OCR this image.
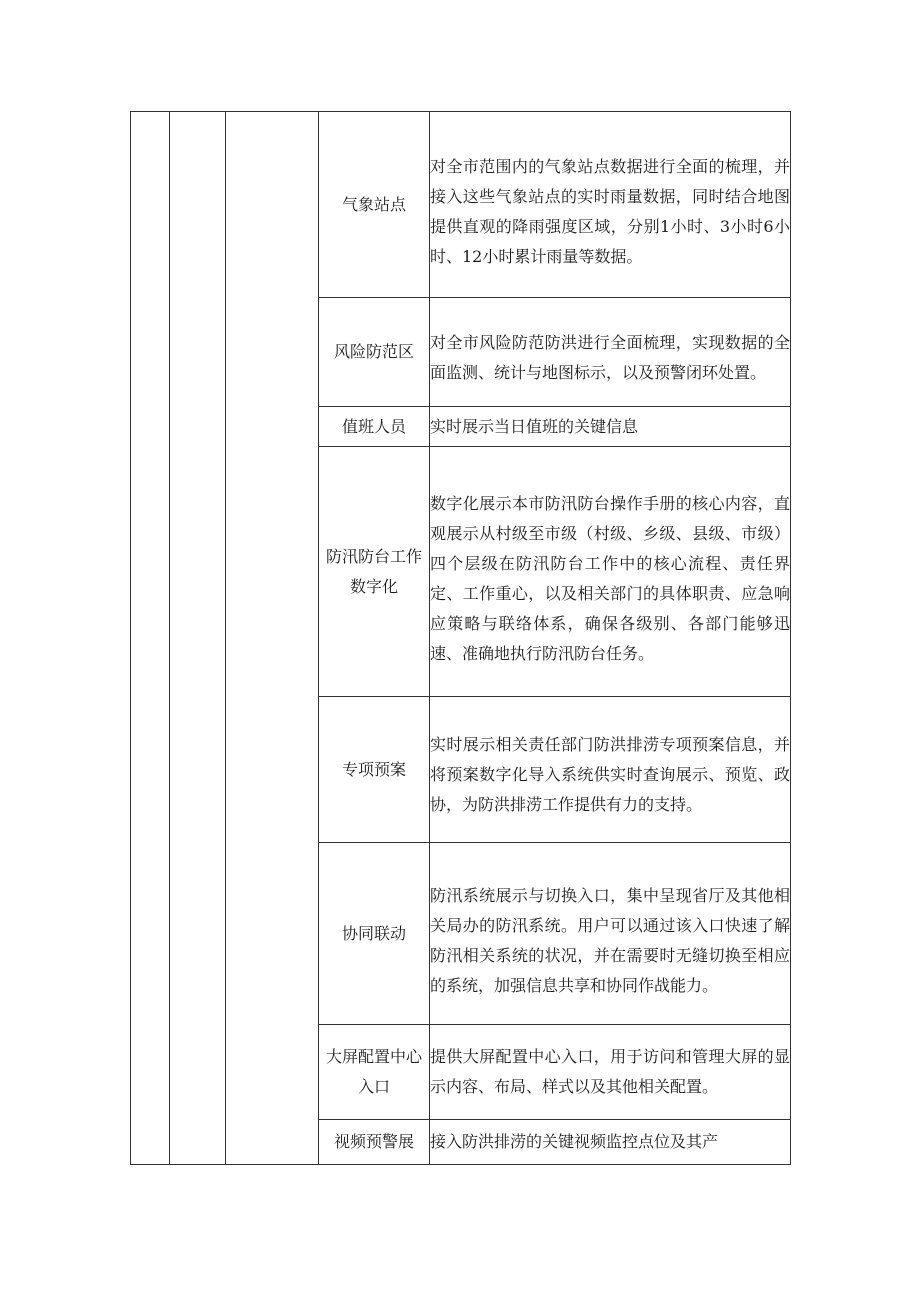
			气象站点	对全市范围内的气象站点数据进行全面的梳理，并接入这些气象站点的实时雨量数据，同时结合地图提供直观的降雨强度区域，分别1小时、3小时6小时、12小时累计雨量等数据。

			风险防范区	对全市风险防范防洪进行全面梳理，实现数据的全面监测、统计与地图标示，以及预警闭环处置。

			值班人员	实时展示当日值班的关键信息
			防汛防台工作数字化	数字化展示本市防汛防台操作手册的核心内容，直观展示从村级至市级（村级、乡级、县级、市级）四个层级在防汛防台工作中的核心流程、责任界定、工作重心，以及相关部门的具体职责、应急响应策略与联络体系，确保各级别、各部门能够迅速、准确地执行防汛防台任务。

			专项预案	实时展示相关责任部门防洪排涝专项预案信息，并将预案数字化导入系统供实时查询展示、预览、政协，为防洪排涝工作提供有力的支持。

			协同联动	防汛系统展示与切换入口，集中呈现省厅及其他相关局办的防汛系统。用户可以通过该入口快速了解防汛相关系统的状况，并在需要时无缝切换至相应的系统，加强信息共享和协同作战能力。

			大屏配置中心入口	提供大屏配置中心入口，用于访问和管理大屏的显示内容、布局、样式以及其他相关配置。
			视频预警展	接入防洪排涝的关键视频监控点位及其产
